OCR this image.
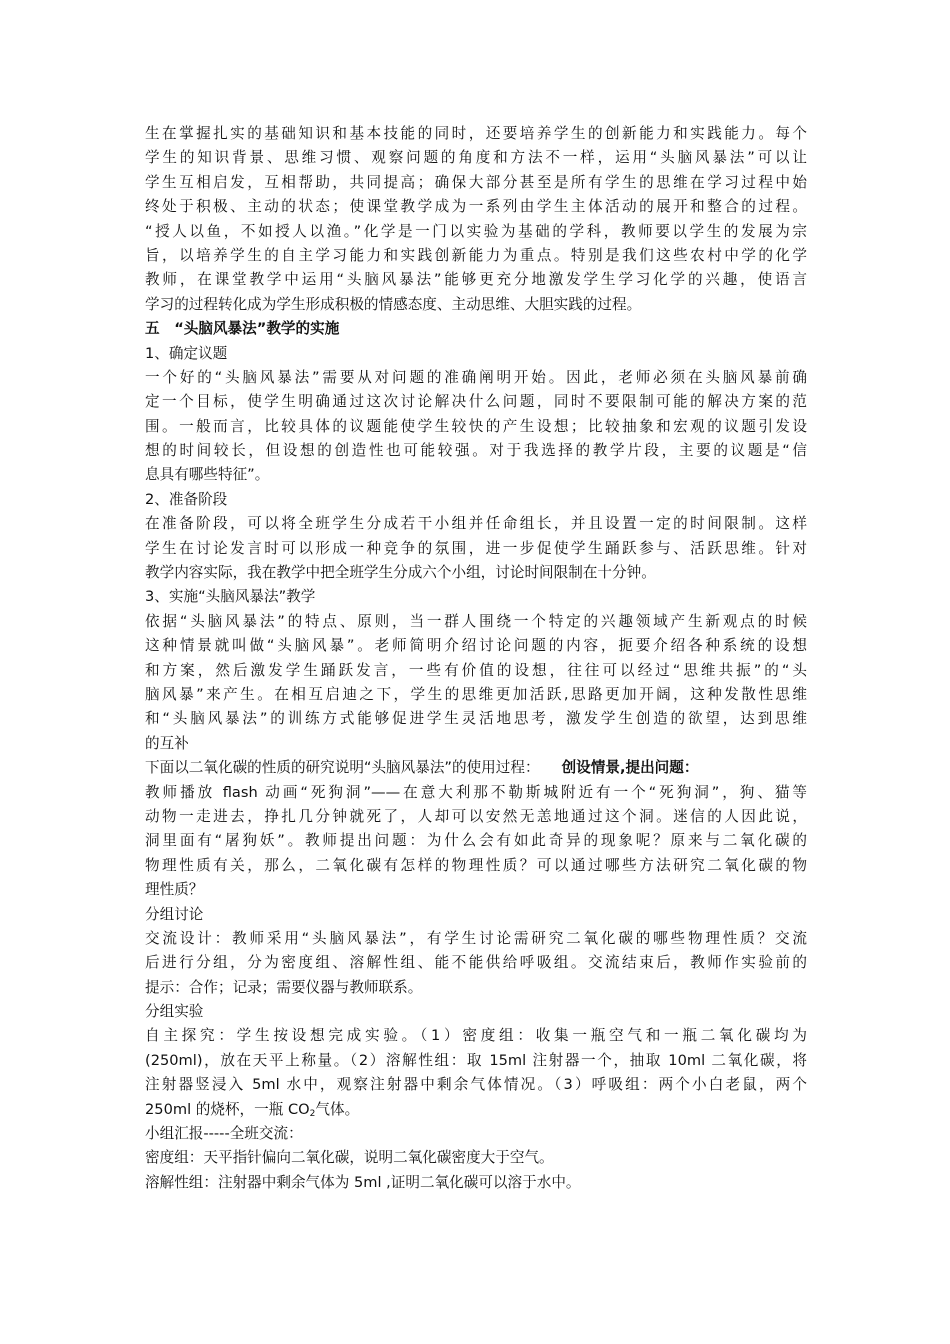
生在掌握扎实的基础知识和基本技能的同时，还要培养学生的创新能力和实践能力。每个
学生的知识背景、思维习惯、观察问题的角度和方法不一样，运用“头脑风暴法”可以让
学生互相启发，互相帮助，共同提高；确保大部分甚至是所有学生的思维在学习过程中始
终处于积极、主动的状态；使课堂教学成为一系列由学生主体活动的展开和整合的过程。
“授人以鱼，不如授人以渔。”化学是一门以实验为基础的学科，教师要以学生的发展为宗
旨，以培养学生的自主学习能力和实践创新能力为重点。特别是我们这些农村中学的化学
教师，在课堂教学中运用“头脑风暴法”能够更充分地激发学生学习化学的兴趣，使语言
学习的过程转化成为学生形成积极的情感态度、主动思维、大胆实践的过程。
五　“头脑风暴法”教学的实施
1、确定议题
一个好的“头脑风暴法”需要从对问题的准确阐明开始。因此，老师必须在头脑风暴前确
定一个目标，使学生明确通过这次讨论解决什么问题，同时不要限制可能的解决方案的范
围。一般而言，比较具体的议题能使学生较快的产生设想；比较抽象和宏观的议题引发设
想的时间较长，但设想的创造性也可能较强。对于我选择的教学片段，主要的议题是“信
息具有哪些特征”。
2、准备阶段
在准备阶段，可以将全班学生分成若干小组并任命组长，并且设置一定的时间限制。这样
学生在讨论发言时可以形成一种竞争的氛围，进一步促使学生踊跃参与、活跃思维。针对
教学内容实际，我在教学中把全班学生分成六个小组，讨论时间限制在十分钟。
3、实施“头脑风暴法”教学
依据“头脑风暴法”的特点、原则，当一群人围绕一个特定的兴趣领域产生新观点的时候
这种情景就叫做“头脑风暴”。老师简明介绍讨论问题的内容，扼要介绍各种系统的设想
和方案，然后激发学生踊跃发言，一些有价值的设想，往往可以经过“思维共振”的“头
脑风暴”来产生。在相互启迪之下，学生的思维更加活跃,思路更加开阔，这种发散性思维
和“头脑风暴法”的训练方式能够促进学生灵活地思考，激发学生创造的欲望，达到思维
的互补
下面以二氧化碳的性质的研究说明“头脑风暴法”的使用过程： 创设情景,提出问题：
教师播放 flash 动画“死狗洞”——在意大利那不勒斯城附近有一个“死狗洞”，狗、猫等
动物一走进去，挣扎几分钟就死了，人却可以安然无恙地通过这个洞。迷信的人因此说，
洞里面有“屠狗妖”。教师提出问题：为什么会有如此奇异的现象呢？原来与二氧化碳的
物理性质有关，那么，二氧化碳有怎样的物理性质？可以通过哪些方法研究二氧化碳的物
理性质？
分组讨论
交流设计：教师采用“头脑风暴法”，有学生讨论需研究二氧化碳的哪些物理性质？交流
后进行分组，分为密度组、溶解性组、能不能供给呼吸组。交流结束后，教师作实验前的
提示：合作；记录；需要仪器与教师联系。
分组实验
自主探究：学生按设想完成实验。（1）密度组：收集一瓶空气和一瓶二氧化碳均为
(250ml)，放在天平上称量。（2）溶解性组：取 15ml 注射器一个，抽取 10ml 二氧化碳，将
注射器竖浸入 5ml 水中，观察注射器中剩余气体情况。（3）呼吸组：两个小白老鼠，两个
250ml 的烧杯，一瓶 $CO_2$气体。
小组汇报-----全班交流：
密度组：天平指针偏向二氧化碳，说明二氧化碳密度大于空气。
溶解性组：注射器中剩余气体为 5ml ,证明二氧化碳可以溶于水中。
